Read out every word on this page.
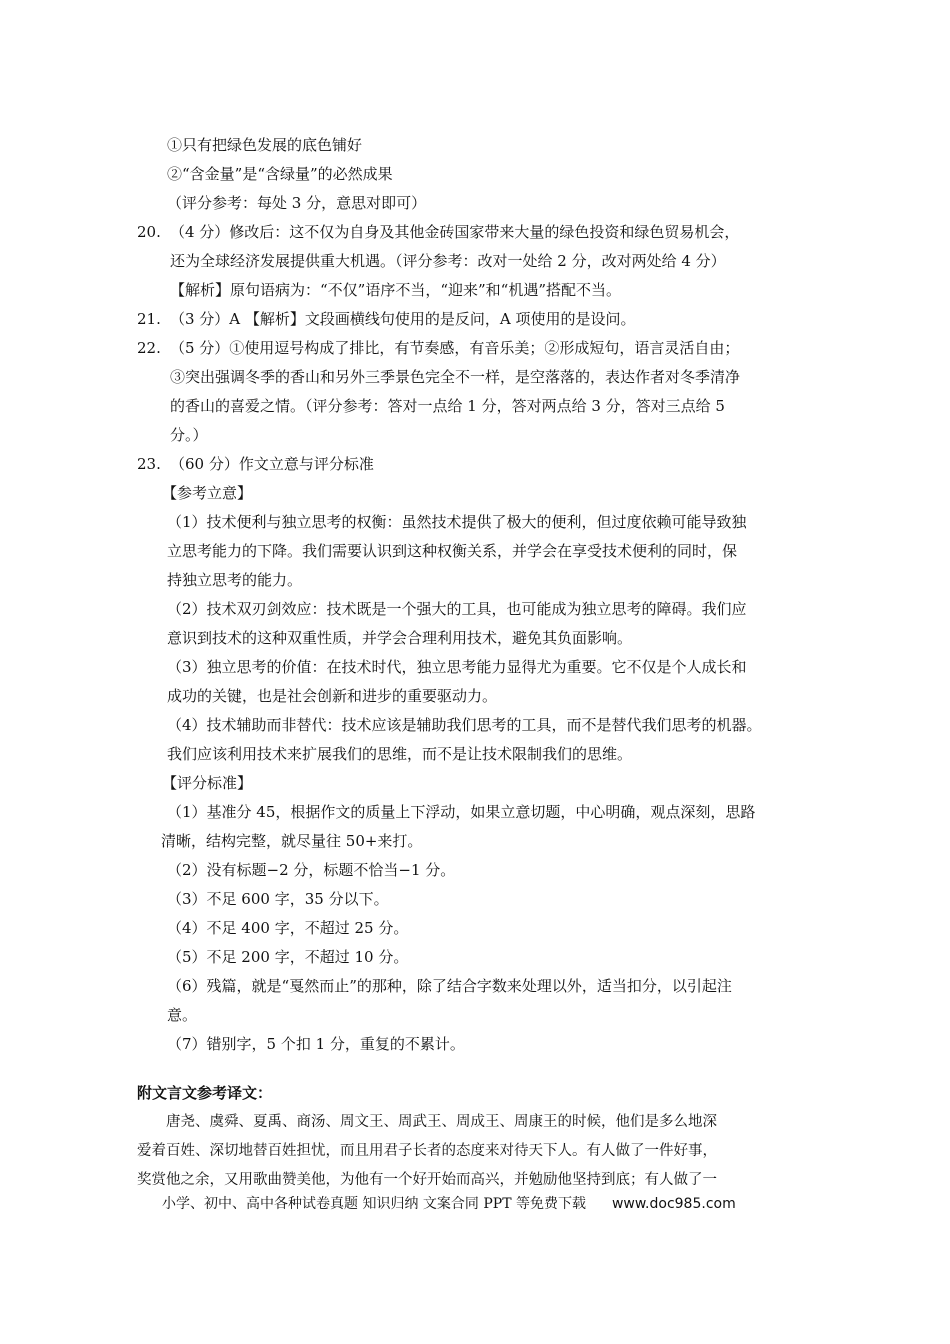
①只有把绿色发展的底色铺好
②“含金量”是“含绿量”的必然成果
（评分参考：每处 3 分，意思对即可）
20. （4 分）修改后：这不仅为自身及其他金砖国家带来大量的绿色投资和绿色贸易机会，
还为全球经济发展提供重大机遇。（评分参考：改对一处给 2 分，改对两处给 4 分）
【解析】原句语病为：“不仅”语序不当，“迎来”和“机遇”搭配不当。
21. （3 分）A 【解析】文段画横线句使用的是反问，A 项使用的是设问。
22. （5 分）①使用逗号构成了排比，有节奏感，有音乐美；②形成短句，语言灵活自由；
③突出强调冬季的香山和另外三季景色完全不一样，是空落落的，表达作者对冬季清净
的香山的喜爱之情。（评分参考：答对一点给 1 分，答对两点给 3 分，答对三点给 5
分。）
23. （60 分）作文立意与评分标准
【参考立意】
（1）技术便利与独立思考的权衡：虽然技术提供了极大的便利，但过度依赖可能导致独
立思考能力的下降。我们需要认识到这种权衡关系，并学会在享受技术便利的同时，保
持独立思考的能力。
（2）技术双刃剑效应：技术既是一个强大的工具，也可能成为独立思考的障碍。我们应
意识到技术的这种双重性质，并学会合理利用技术，避免其负面影响。
（3）独立思考的价值：在技术时代，独立思考能力显得尤为重要。它不仅是个人成长和
成功的关键，也是社会创新和进步的重要驱动力。
（4）技术辅助而非替代：技术应该是辅助我们思考的工具，而不是替代我们思考的机器。
我们应该利用技术来扩展我们的思维，而不是让技术限制我们的思维。
【评分标准】
（1）基准分 45，根据作文的质量上下浮动，如果立意切题，中心明确，观点深刻，思路
清晰，结构完整，就尽量往 50+来打。
（2）没有标题−2 分，标题不恰当−1 分。
（3）不足 600 字，35 分以下。
（4）不足 400 字，不超过 25 分。
（5）不足 200 字，不超过 10 分。
（6）残篇，就是“戛然而止”的那种，除了结合字数来处理以外，适当扣分，以引起注
意。
（7）错别字，5 个扣 1 分，重复的不累计。
附文言文参考译文：
唐尧、虞舜、夏禹、商汤、周文王、周武王、周成王、周康王的时候，他们是多么地深
爱着百姓、深切地替百姓担忧，而且用君子长者的态度来对待天下人。有人做了一件好事，
奖赏他之余，又用歌曲赞美他，为他有一个好开始而高兴，并勉励他坚持到底；有人做了一
小学、初中、高中各种试卷真题 知识归纳 文案合同 PPT 等免费下载 www.doc985.com
